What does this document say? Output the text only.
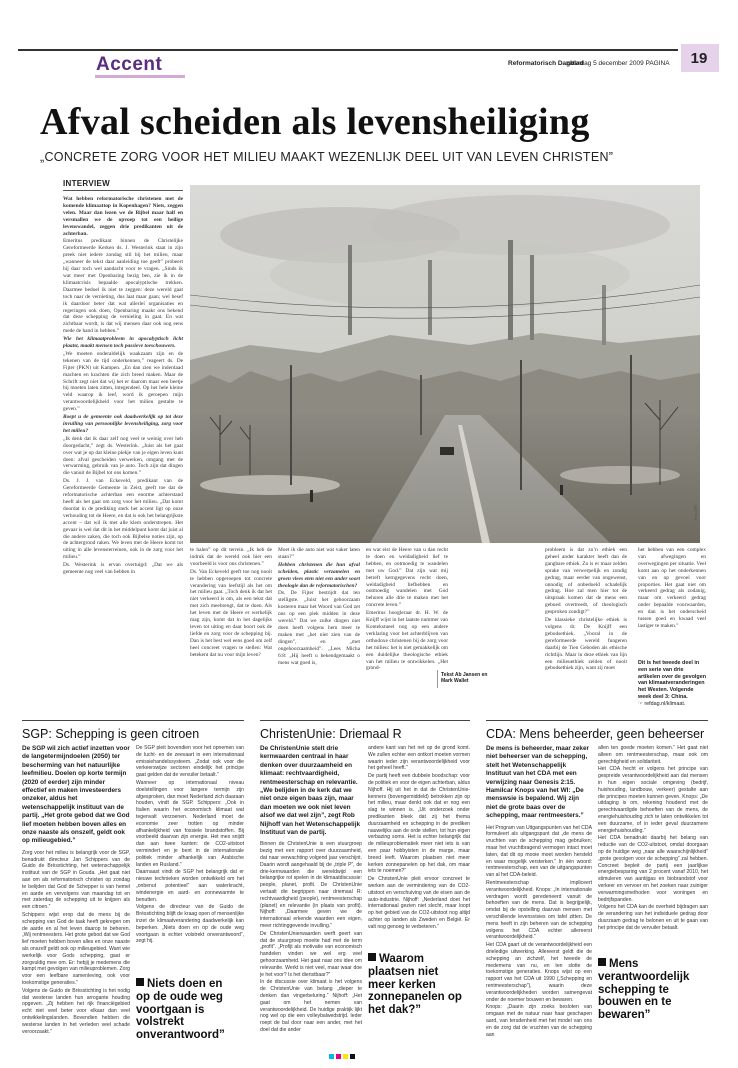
Accent	Reformatorisch Dagblad
zaterdag 5 december 2009 PAGINA	19
Afval scheiden als levensheiliging
„CONCRETE ZORG VOOR HET MILIEU MAAKT WEZENLIJK DEEL UIT VAN LEVEN CHRISTEN”
INTERVIEW

Wat hebben reformatorische christenen met de komende klimaattop in Kopenhagen? Niets, zeggen velen. Maar dan lezen we de Bijbel maar half en versmallen we de opvoep tot een heilige levenswandel, zeggen drie predikanten uit de achterban.

Emeritus predikant binnen de Christelijke Gereformeerde Kerken ds. J. Westerink staat in zijn preek niet iedere zondag stil bij het milieu, maar „wanneer de tekst daar aanleiding toe geeft” probeert hij daar toch wel aandacht voor te vragen. „Sinds ik wat meer met Openbaring bezig ben, zie ik in de klimaatcrisis bepaalde apocalyptische trekken. Daarmee bedoel ik niet te zeggen: deze wereld gaat toch naar de vernieting, dus laat maar gaan; wel besef ik daardoor beter dat wat allerlei organisaties en regeringen ook doen, Openbaring maakt ons bekend dat deze schepping de vernieling in gaat. En wat zichtbaar wordt, is dat wij mensen daar ook nog eens mede de hand in hebben.”

Wie het klimaatprobleem in apocalyptisch licht plaatst, maakt mensen toch passieve toeschouwers.

„We moeten onderaldelijk waakzaam zijn en de tekenen van de tijd onderkennen,” reageert ds. De Fijter (PKN) uit Kampen. „En dan zien we inderdaad machten en krachten die zich breed maken. Maar de Schrift zegt niet dat wij het er daarom maar een beetje bij moeten laten zitten, integendeel. Op het hele kleine veld waarop ik leef, word ik geroepen mijn verantwoordelijkheid voor het milieu gestalte te geven.”

Roept u de gemeente ook daadwerkelijk op tot deze invulling van persoonlijke levensheiliging, zorg voor het milieu?

„Ik denk dat ik daar zelf nog veel te weinig over heb doorgedacht,” zegt ds. Westerink. „Juist als het gaat over wat je op dat kleine plekje van je eigen leven kunt doen: afval gescheiden verwerken, omgang met de verwarming, gebruik van je auto. Toch zijn dat dingen die vanuit de Bijbel tot ons komen.”

Ds. J. J. van Eckeveld, predikant van de Gereformeerde Gemeente in Zeist, geeft toe dat de reformatorische achterban een enorme achterstand heeft als het gaat om zorg voor het milieu. „Dat komt doordat in de prediking sterk het accent ligt op onze verhouding tot de Heere, en dat is ook het belangrijkste accent – dat wil ik met alle klem onderstrepen. Het gevaar is wel dat dit in het middelpunt komt dat juist al die andere zaken, die toch ook Bijbelse noties zijn, op de achtergrond raken. We leven met de Heere komt tot uiting in alle levensterreinen, ook in de zorg voor het milieu.”

Ds. Westerink is ervan overtuigd: „Dat we als gemeente nog veel van hebben in

Foto EPA

te halen” op dit terrein. „Ik heb de indruk dat de wereld ook hier een voorbeeld is voor ons christenen.”

Ds. Van Eckeveld geeft toe nog nooit te hebben opgeroepen tot concrete verandering van leefstijl als het om het milieu gaat. „Toch denk ik dat het niet verkeerd is om, als een tekst dat met zich meebrengt, dat te doen. Als het leven met de Heere er werkelijk mag zijn, komt dat in het dagelijks leven tot uiting en daar hoort ook de liefde en zorg voor de schepping bij. Dan is het best wel eens goed om zelf heel concreet vragen te stellen: Wat betekent dat nu voor mijn leven?

Moet ik die auto niet wat vaker laten staan?”

Hebben christenen die hun afval scheiden, plastic verzamelen en groen vlees eten niet een ander soort theologie dan de reformatorischen?

Ds. De Fijter bestrijdt dat ten stelligste. „Juist het gehoorzaam kosteren maar het Woord van God zet ons op een plek midden in deze wereld.” Dat we zulke dingen niet doen heeft volgens hem meer te maken met „het niet zien van de dingen”, en „met ongehoorzaamheid”. „Lees Micha 6:8: „Hij heeft u bekendgemaakt o mens wat goed is,

en wat eist de Heere van u dan recht te doen en weldadigheid lief te hebben, en ootmoedig te wandelen met uw God.” Dat zijn wat mij betreft kerngegevens recht doen, weldadigheid liefhebben en ootmoedig wandelen met God behoren alle drie te maken met het concrete leven.”

Emeritus hoogleraar dr. H. W. de Knijff wijst in het laatste nummer van Kontekstueel nog op een andere verklaring voor het achterblijven van orthodoxe christenen bij de zorg voor het milieu: het is niet gemakkelijk om een duidelijke theologische ethiek van het milieu te ontwikkelen. „Het grond-

probleem is dat zo’n ethiek een geheel ander karakter heeft dan de gangbare ethiek. Zo is er maar zelden sprake van verwerpelijk en zondig gedrag, maar eerder van ongewenst, onnodig of onbedoeld schadelijk gedrag. Hoe zal men hier tot de uitspraak komen dat de mens een geboed overtreedt, of theologisch gesproken zondigt?”

De klassieke christelijke ethiek is volgens dr. De Knijff een gebodsethiek. „Vooral in de gereformeerde wereld fungeren daarbij de Tien Geboden als ethische richtlijn. Maar in deze ethiek van lijn een milieuethiek zelden of nooit gebodsethiek zijn, want zij moet

het hebben van een complex van afwegingen en overwegingen per situatie. Veel komt aan op het onderkennen van en op gevoel voor proporties. Het gaat niet om verkeerd gedrag als zodanig, maar om verkeerd gedrag onder bepaalde voorwaarden, en dan is het onderscheid tussen goed en kwaad veel lastiger te maken.”

Tekst Ab Jansen en Mark Wallet
Dit is het tweede deel in een serie van drie artikelen over de gevolgen van klimaatveranderingen het Westen. Volgende week deel 3: China.
☞ refdag.nl/klimaat.
SGP: Schepping is geen citroen

De SGP wil zich actief inzetten voor de langetermijndoelen (2050) ter bescherming van het natuurlijke leefmilieu. Doelen op korte termijn (2020 of eerder) zijn minder effectief en maken investeerders onzeker, aldus het wetenschappelijk instituut van de partij. „Het grote gebod dat we God lief moeten hebben boven alles en onze naaste als onszelf, geldt ook op milieugebied.”

Zorg voor het milieu is belangrijk voor de SGP, benadrukt directeur Jan Schippers van de Guido de Brèsstichting, het wetenschappelijk instituut van de SGP in Gouda. „Het gaat niet aan om als reformatorisch christen op zondag te belijden dat God de Schepper is van hemel en aarde en vervolgens van maandag tot en met zaterdag de schepping uit te knijpen als een citroen.”

Schippers wijst erop dat de mens bij de schepping van God de taak heeft gekregen om de aarde en al het leven daarop te beheren. „Wij rentmeesters. Het grote gebod dat we God lief moeten hebben boven alles en onze naaste als onszelf geldt ook op milieugebied. Want wie werkelijk voor Gods schepping, gaat er zorgvuldig mee om. Er: hebjij je medemens die kampt met gevolgen van milieuproblemen. Zorg voor een leefbare samenleving, ook voor toekomstige generaties.”

Volgens de Guido de Brèsstichting is het nodig dat westerse landen hun arrogante houding opgeven. „Zij hebben het rijk ﬁnanciëgebied echt niet veel beter voor elkaar dan veel ontwikkelingslanden. Bovendien hebben die westerse landen in het verleden veel schade veroorzaakt.”

De SGP pleit bovendien voor het opnemen van de lucht- en de zeevaart in een internationaal emissiehandelssysteem. „Zodat ook voor die verkeerswijze sectoren eindelijk het principe gaat gelden dat de vervuiler betaalt.”

Wanneer op internationaal niveau doelstellingen voor langere termijn zijn afgesproken, dan moet Nederland zich daaraan houden, vindt de SGP. Schippers: „Ook in Italien waarin het economisch klimaat wat tegenvalt verzoenen. Nederland moet de economie zeer trotten op minder afhankelijkheid van fossiele brandstoffen. Bij voorbeeld daarvan zijn energie. Het mes snijdt dan aan twee kanten: de CO2-uitstoot vermindert en je bent in de internationale politiek minder afhankelijk van Arabische landen en Rusland.”

Daarnaast vindt de SGP het belangrijk dat er nieuwe technieken worden ontwikkeld om het „onbenut potentieel” aan waterkracht, windenergie en aard- en zonnewarmte te benutten.

Volgens de directeur van de Guido de Brèsstichting blijft de kraag open of mensenlijke inzet de klimaatverandering daadwerkelijk kan beperken. „Niets doen en op de oude weg voortgaan is echter volstrekt onverantwoord”, zegt hij.

Niets doen en op de oude weg voortgaan is volstrekt onverantwoord”
ChristenUnie: Driemaal R

De ChristenUnie stelt drie kernwaarden centraal in haar denken over duurzaamheid en klimaat: rechtvaardigheid, rentmeesterschap en relevantie. „We belijden in de kerk dat we niet onze eigen baas zijn, maar dan moeten we ook niet leven alsof we dat wel zijn”, zegt Rob Nijhoff van het Wetenschappelijk Instituut van de partij.

Binnen de ChristenUnie is een stuurgroep bezig met een rapport over duurzaamheid, dat naar verwachting volgend jaar verschijnt. Daarin wordt aangehaald bij de „triple P”, de drie-kernwaarden die wereldwijd een belangrijke rol spelen in de klimaatdiscussie: people, planet, profit. De ChristenUnie vertaalt die begrippen naar driemaal R: rechtvaardigheid (people), rentmeesterschap (planet) en relevantie (in plaats van profit). Nijhoff: „Daarmee geven we de internationaal erkende waarden een eigen, meer richtinggevende invulling.”

De ChristenUnierwaarden werft geert van dat de stuurgroep moeite had met de term „profit”. „Profijt als motivatie van economisch handelen vinden we wel erg veel gehoorzaamheid. Het gaat naar ons idee om relevantie. Werkt is niet veel, maar waar doe je het voor? Is het dienstbaar?”

In de discussie over klimaat is het volgens de ChristenUnie van belang „dieper te denken dan vingerbeluring.” Nijhoff: „Het gaat om het nemen van verantwoordelijkheid. De huidige praktijk lijkt nog wel op die een volleybalwedstrijd. Ieder roept de bal door naar een ander, met het doel dat die ander

andere kant van het net op de grond komt. We zullen echter een ontkort moeten vormen waarin ieder zijn verantwoordelijkheid voor het geheel heeft.”

De partij heeft een dubbele boodschap: voor de politiek en voor de eigen achterban, aldus Nijhoff. Hij uit het in dat de ChristenUnie-kenners (bovengemiddeld) betrokken zijn op het milieu, maar denkt ook dat er nog een slag te winnen is. „Uit onderzoek onder predikanten bleek dat zij het thema duurzaamheid en schepping in de prediken nauwelijks aan de orde stellen, tot hun eigen verbazing soms. Het is echter belangrijk dat de milieuproblematiek meer niet iets is van een paar hobbyisten in de marge, maar breed leeft. Waarom plaatsen niet meer kerken zonnepanelen op het dak, om maar iets te noemen?”

De ChristenUnie pleit ervoor concreet te werken aan de vermindering van de CO2-uitstoot en verschuiving van de eisen aan de auto-industrie. Nijhoff: „Nederland doet het internationaal gezien niet slecht, maar loopt op het gebied van de CO2-uitstoot nog altijd achter op landen als Zweden en België. Er valt nog genoeg te verbeteren.”

Waarom plaatsen niet meer kerken zonnepanelen op het dak?”
CDA: Mens beheerder, geen beheerser

De mens is beheerder, maar zeker niet beheerser van de schepping, stelt het Wetenschappelijk Instituut van het CDA met een verwijzing naar Genesis 2:15. Hamilcar Knops van het WI: „De menswsie is bepalend. Wij zijn niet de grote baas over de schepping, maar rentmeesters.”

Het Program van Uitgangspunten van het CDA formuleert als uitgangspunt dat „de mens de vruchten van de schepping mag gebruiken; maar het vruchtbragend vermogen intact moet laten, dat dit op mooie moet worden hersteld en waar mogelijk versterken.” In één woord: rentmeesterschap, een van de uitgangspunten van al het CDA-beleid.

Rentmeesterschap impliceert verantwoordelijkheid. Knops: „In internationale verdragen wordt geredeneerd vanuit de behoeften van de mens. Dat is begrijpelijk, omdat bij de opstelling daarvan mensen met verschillende levensvisies om tafel zitten. De mens heeft in zijn beheren van de schepping volgens het CDA echter allereerst verantwoordelijkheid.”

Het CDA gaart uit de verantwoordelijkheid een drieledige uitwerking. Allereerst geldt die de schepping an zichzelf, het tweede de medemens van nu, en ten slotte de toekomstige generaties. Knops wijst op een rapport van het CDA uit 1990 („Schepping en rentmeesterschap”), waarin deze verantwoordelijkheden worden samengevat onder de noemer bouwen en bewaren.

Knops: „Daarin zijn zoeks besloten van omgaan met de natuur naar haar geschapen aard, van terudenheid met het model van ons en de zorg dat de vruchten van de schepping aan

allen ten goede moeten komen.” Het gaat niet alleen om rentmeesterschap, maar ook om gerechtigheid en solidariteit.

Het CDA hecht er volgens het principe van gespreide verantwoordelijkheid aan dat mensen in hun eigen sociale omgeving (bedrijf, huishouding, landbouw, verkeer) gestalte aan die principes moeten kunnen geven. Knops: „De uitdaging is om, rekening houdend met de gerechtvaardigde behoeften van de mens, de energiehuishouding zich te laten ontwikkelen tot een duurzame, of in ieder geval duurzamere energiehuishouding.”

Het CDA benadrukt daarbij het belang van reductie van de CO2-uitstoot, omdat doorgaan op de huidige weg „naar alle waarschijnlijkheid” „grote gevolgen voor de schepping” zal hebben. Concreet bepleit de partij een jaarlijkse energiebesparing van 2 procent vanaf 2010, het stimuleren van aantijgas en biobrandstof voor verkeer en vervoer en het zoeken naar zuiniger verwarmingsmethoden voor woningen en bedrijfspanden.

Volgens het CDA kan de overheid bijdragen aan de verandering van het individuele gedrag door duurzaam gedrag te belonen en uit te gaan van het principe dat de vervuiler betaalt.

Mens verantwoordelijk schepping te bouwen en te bewaren”
